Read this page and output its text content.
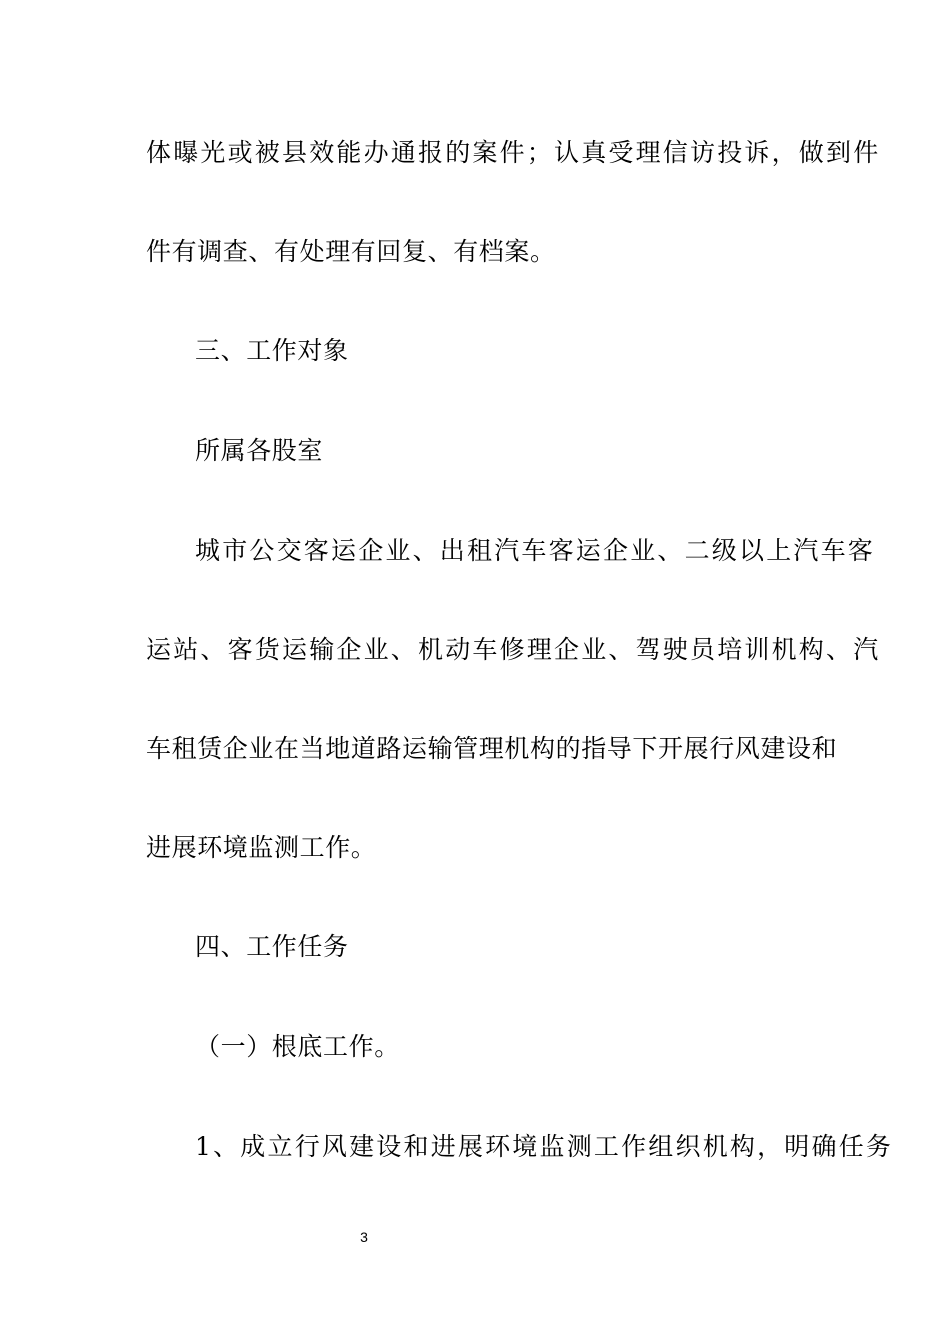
体曝光或被县效能办通报的案件；认真受理信访投诉，做到件
件有调查、有处理有回复、有档案。
三、工作对象
所属各股室
城市公交客运企业、出租汽车客运企业、二级以上汽车客
运站、客货运输企业、机动车修理企业、驾驶员培训机构、汽
车租赁企业在当地道路运输管理机构的指导下开展行风建设和
进展环境监测工作。
四、工作任务
（一）根底工作。
1、成立行风建设和进展环境监测工作组织机构，明确任务
3
